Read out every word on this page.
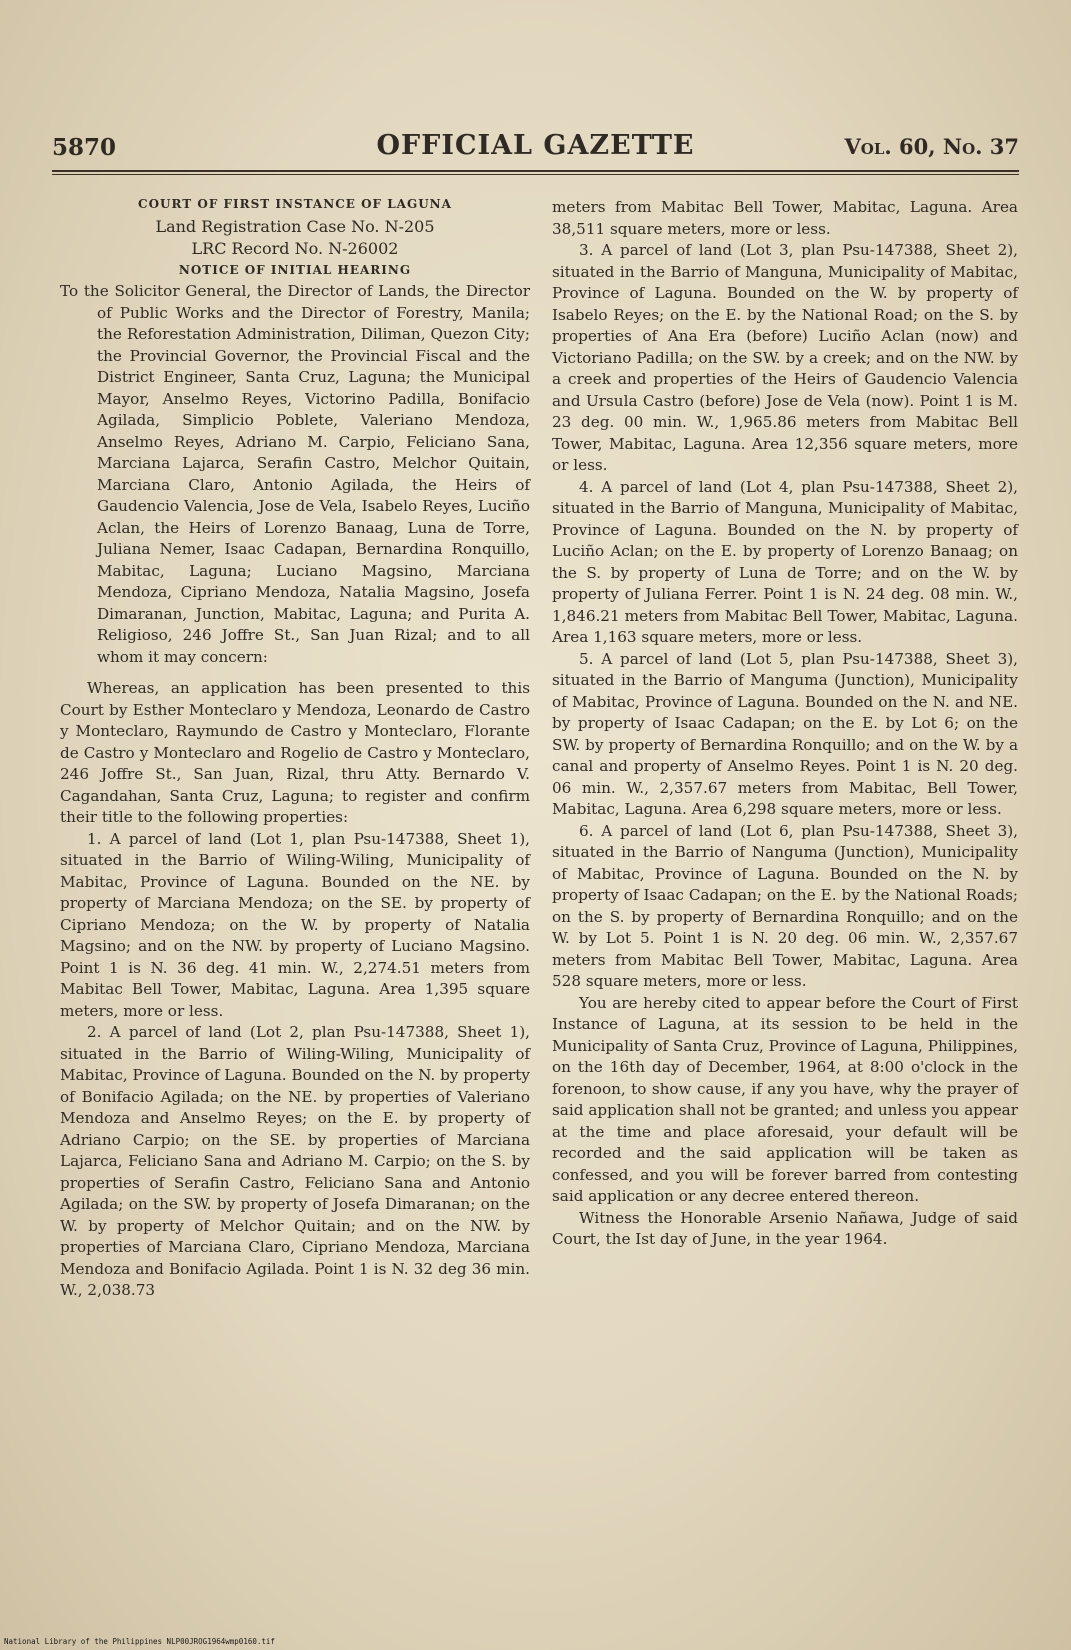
5870	OFFICIAL GAZETTE	Vol. 60, No. 37

COURT OF FIRST INSTANCE OF LAGUNA

Land Registration Case No. N-205

LRC Record No. N-26002

NOTICE OF INITIAL HEARING

To the Solicitor General, the Director of Lands, the Director of Public Works and the Director of Forestry, Manila; the Reforestation Administration, Diliman, Quezon City; the Provincial Governor, the Provincial Fiscal and the District Engineer, Santa Cruz, Laguna; the Municipal Mayor, Anselmo Reyes, Victorino Padilla, Bonifacio Agilada, Simplicio Poblete, Valeriano Mendoza, Anselmo Reyes, Adriano M. Carpio, Feliciano Sana, Marciana Lajarca, Serafin Castro, Melchor Quitain, Marciana Claro, Antonio Agilada, the Heirs of Gaudencio Valencia, Jose de Vela, Isabelo Reyes, Luciño Aclan, the Heirs of Lorenzo Banaag, Luna de Torre, Juliana Nemer, Isaac Cadapan, Bernardina Ronquillo, Mabitac, Laguna; Luciano Magsino, Marciana Mendoza, Cipriano Mendoza, Natalia Magsino, Josefa Dimaranan, Junction, Mabitac, Laguna; and Purita A. Religioso, 246 Joffre St., San Juan Rizal; and to all whom it may concern:

Whereas, an application has been presented to this Court by Esther Monteclaro y Mendoza, Leonardo de Castro y Monteclaro, Raymundo de Castro y Monteclaro, Florante de Castro y Monteclaro and Rogelio de Castro y Monteclaro, 246 Joffre St., San Juan, Rizal, thru Atty. Bernardo V. Cagandahan, Santa Cruz, Laguna; to register and confirm their title to the following properties:

1. A parcel of land (Lot 1, plan Psu-147388, Sheet 1), situated in the Barrio of Wiling-Wiling, Municipality of Mabitac, Province of Laguna. Bounded on the NE. by property of Marciana Mendoza; on the SE. by property of Cipriano Mendoza; on the W. by property of Natalia Magsino; and on the NW. by property of Luciano Magsino. Point 1 is N. 36 deg. 41 min. W., 2,274.51 meters from Mabitac Bell Tower, Mabitac, Laguna. Area 1,395 square meters, more or less.

2. A parcel of land (Lot 2, plan Psu-147388, Sheet 1), situated in the Barrio of Wiling-Wiling, Municipality of Mabitac, Province of Laguna. Bounded on the N. by property of Bonifacio Agilada; on the NE. by properties of Valeriano Mendoza and Anselmo Reyes; on the E. by property of Adriano Carpio; on the SE. by properties of Marciana Lajarca, Feliciano Sana and Adriano M. Carpio; on the S. by properties of Serafin Castro, Feliciano Sana and Antonio Agilada; on the SW. by property of Josefa Dimaranan; on the W. by property of Melchor Quitain; and on the NW. by properties of Marciana Claro, Cipriano Mendoza, Marciana Mendoza and Bonifacio Agilada. Point 1 is N. 32 deg 36 min. W., 2,038.73

meters from Mabitac Bell Tower, Mabitac, Laguna. Area 38,511 square meters, more or less.

3. A parcel of land (Lot 3, plan Psu-147388, Sheet 2), situated in the Barrio of Manguna, Municipality of Mabitac, Province of Laguna. Bounded on the W. by property of Isabelo Reyes; on the E. by the National Road; on the S. by properties of Ana Era (before) Luciño Aclan (now) and Victoriano Padilla; on the SW. by a creek; and on the NW. by a creek and properties of the Heirs of Gaudencio Valencia and Ursula Castro (before) Jose de Vela (now). Point 1 is M. 23 deg. 00 min. W., 1,965.86 meters from Mabitac Bell Tower, Mabitac, Laguna. Area 12,356 square meters, more or less.

4. A parcel of land (Lot 4, plan Psu-147388, Sheet 2), situated in the Barrio of Manguna, Municipality of Mabitac, Province of Laguna. Bounded on the N. by property of Luciño Aclan; on the E. by property of Lorenzo Banaag; on the S. by property of Luna de Torre; and on the W. by property of Juliana Ferrer. Point 1 is N. 24 deg. 08 min. W., 1,846.21 meters from Mabitac Bell Tower, Mabitac, Laguna. Area 1,163 square meters, more or less.

5. A parcel of land (Lot 5, plan Psu-147388, Sheet 3), situated in the Barrio of Manguma (Junction), Municipality of Mabitac, Province of Laguna. Bounded on the N. and NE. by property of Isaac Cadapan; on the E. by Lot 6; on the SW. by property of Bernardina Ronquillo; and on the W. by a canal and property of Anselmo Reyes. Point 1 is N. 20 deg. 06 min. W., 2,357.67 meters from Mabitac, Bell Tower, Mabitac, Laguna. Area 6,298 square meters, more or less.

6. A parcel of land (Lot 6, plan Psu-147388, Sheet 3), situated in the Barrio of Nanguma (Junction), Municipality of Mabitac, Province of Laguna. Bounded on the N. by property of Isaac Cadapan; on the E. by the National Roads; on the S. by property of Bernardina Ronquillo; and on the W. by Lot 5. Point 1 is N. 20 deg. 06 min. W., 2,357.67 meters from Mabitac Bell Tower, Mabitac, Laguna. Area 528 square meters, more or less.

You are hereby cited to appear before the Court of First Instance of Laguna, at its session to be held in the Municipality of Santa Cruz, Province of Laguna, Philippines, on the 16th day of December, 1964, at 8:00 o'clock in the forenoon, to show cause, if any you have, why the prayer of said application shall not be granted; and unless you appear at the time and place aforesaid, your default will be recorded and the said application will be taken as confessed, and you will be forever barred from contesting said application or any decree entered thereon.

Witness the Honorable Arsenio Nañawa, Judge of said Court, the Ist day of June, in the year 1964.

National Library of the Philippines NLP00JROG1964wmp0160.tif
